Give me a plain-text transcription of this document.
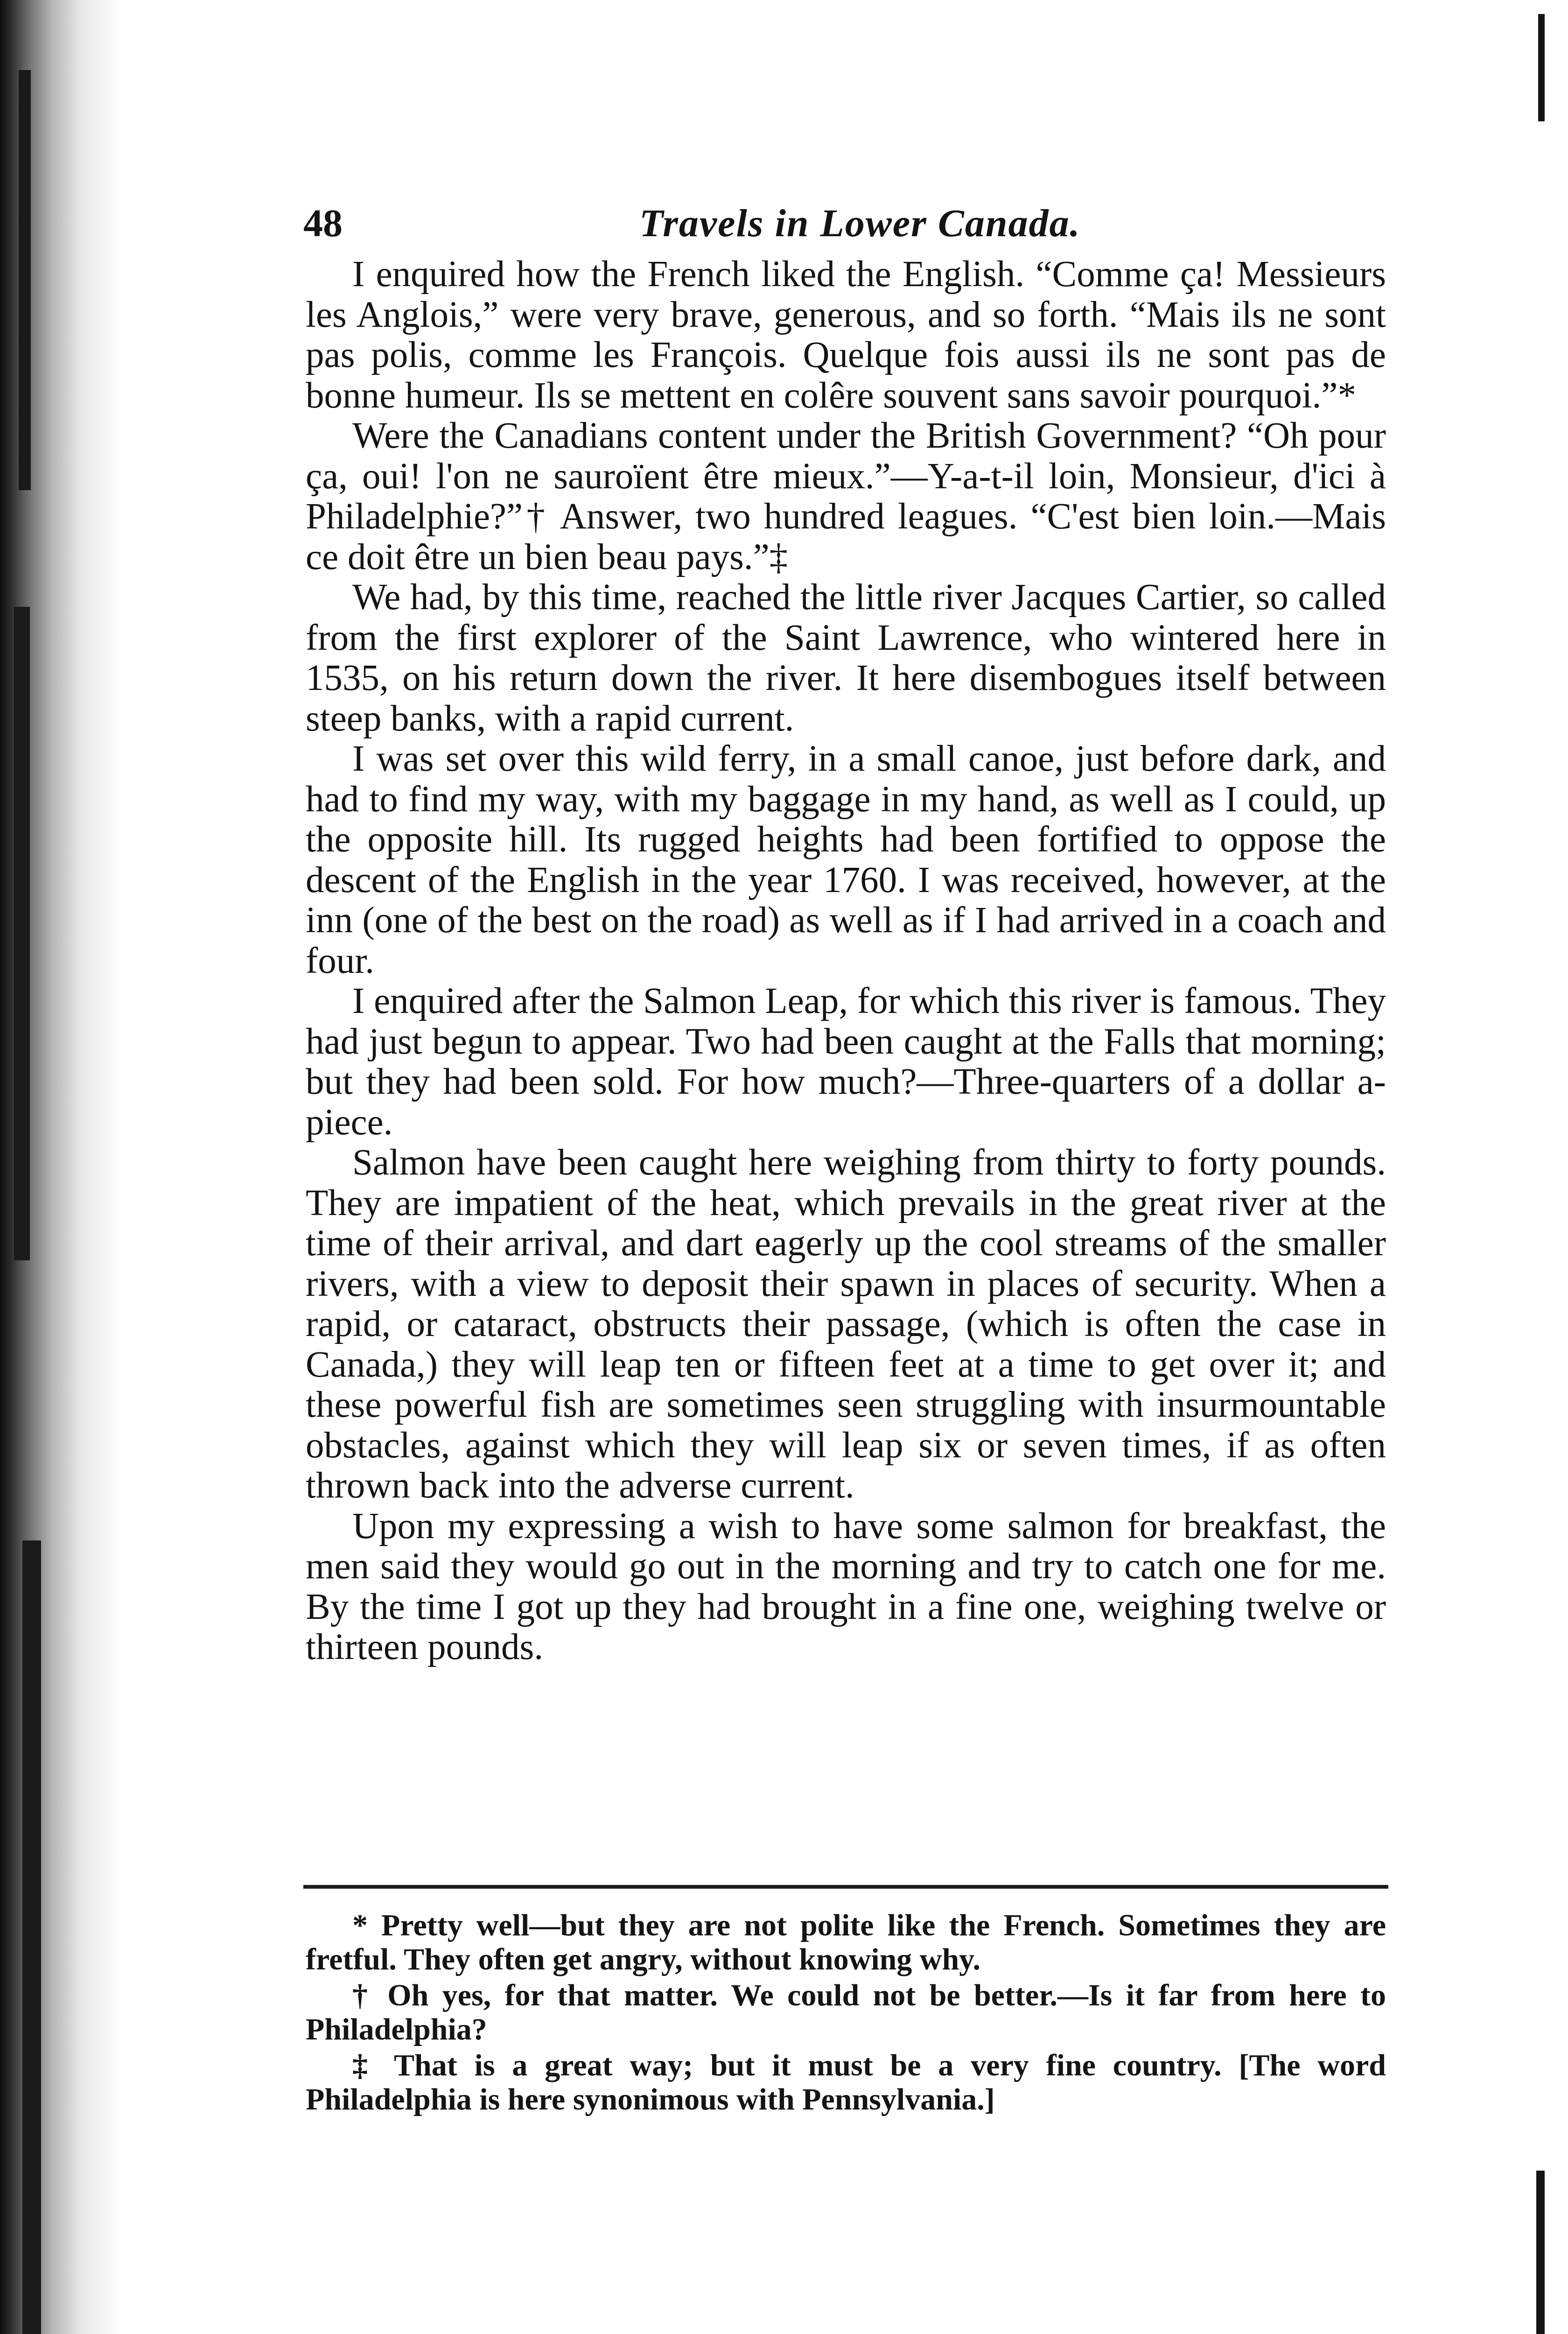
48	Travels in Lower Canada.

I enquired how the French liked the English. “Comme ça! Messieurs les Anglois,” were very brave, generous, and so forth. “Mais ils ne sont pas polis, comme les François. Quelque fois aussi ils ne sont pas de bonne humeur. Ils se mettent en colêre souvent sans savoir pourquoi.”*

Were the Canadians content under the British Government? “Oh pour ça, oui! l'on ne sauroïent être mieux.”—Y-a-t-il loin, Monsieur, d'ici à Philadelphie?”† Answer, two hundred leagues. “C'est bien loin.—Mais ce doit être un bien beau pays.”‡

We had, by this time, reached the little river Jacques Cartier, so called from the first explorer of the Saint Lawrence, who wintered here in 1535, on his return down the river. It here disembogues itself between steep banks, with a rapid current.

I was set over this wild ferry, in a small canoe, just before dark, and had to find my way, with my baggage in my hand, as well as I could, up the opposite hill. Its rugged heights had been fortified to oppose the descent of the English in the year 1760. I was received, however, at the inn (one of the best on the road) as well as if I had arrived in a coach and four.

I enquired after the Salmon Leap, for which this river is famous. They had just begun to appear. Two had been caught at the Falls that morning; but they had been sold. For how much?—Three-quarters of a dollar a-piece.

Salmon have been caught here weighing from thirty to forty pounds. They are impatient of the heat, which prevails in the great river at the time of their arrival, and dart eagerly up the cool streams of the smaller rivers, with a view to deposit their spawn in places of security. When a rapid, or cataract, obstructs their passage, (which is often the case in Canada,) they will leap ten or fifteen feet at a time to get over it; and these powerful fish are sometimes seen struggling with insurmountable obstacles, against which they will leap six or seven times, if as often thrown back into the adverse current.

Upon my expressing a wish to have some salmon for breakfast, the men said they would go out in the morning and try to catch one for me. By the time I got up they had brought in a fine one, weighing twelve or thirteen pounds.

* Pretty well—but they are not polite like the French. Sometimes they are fretful. They often get angry, without knowing why.

† Oh yes, for that matter. We could not be better.—Is it far from here to Philadelphia?

‡ That is a great way; but it must be a very fine country. [The word Philadelphia is here synonimous with Pennsylvania.]
